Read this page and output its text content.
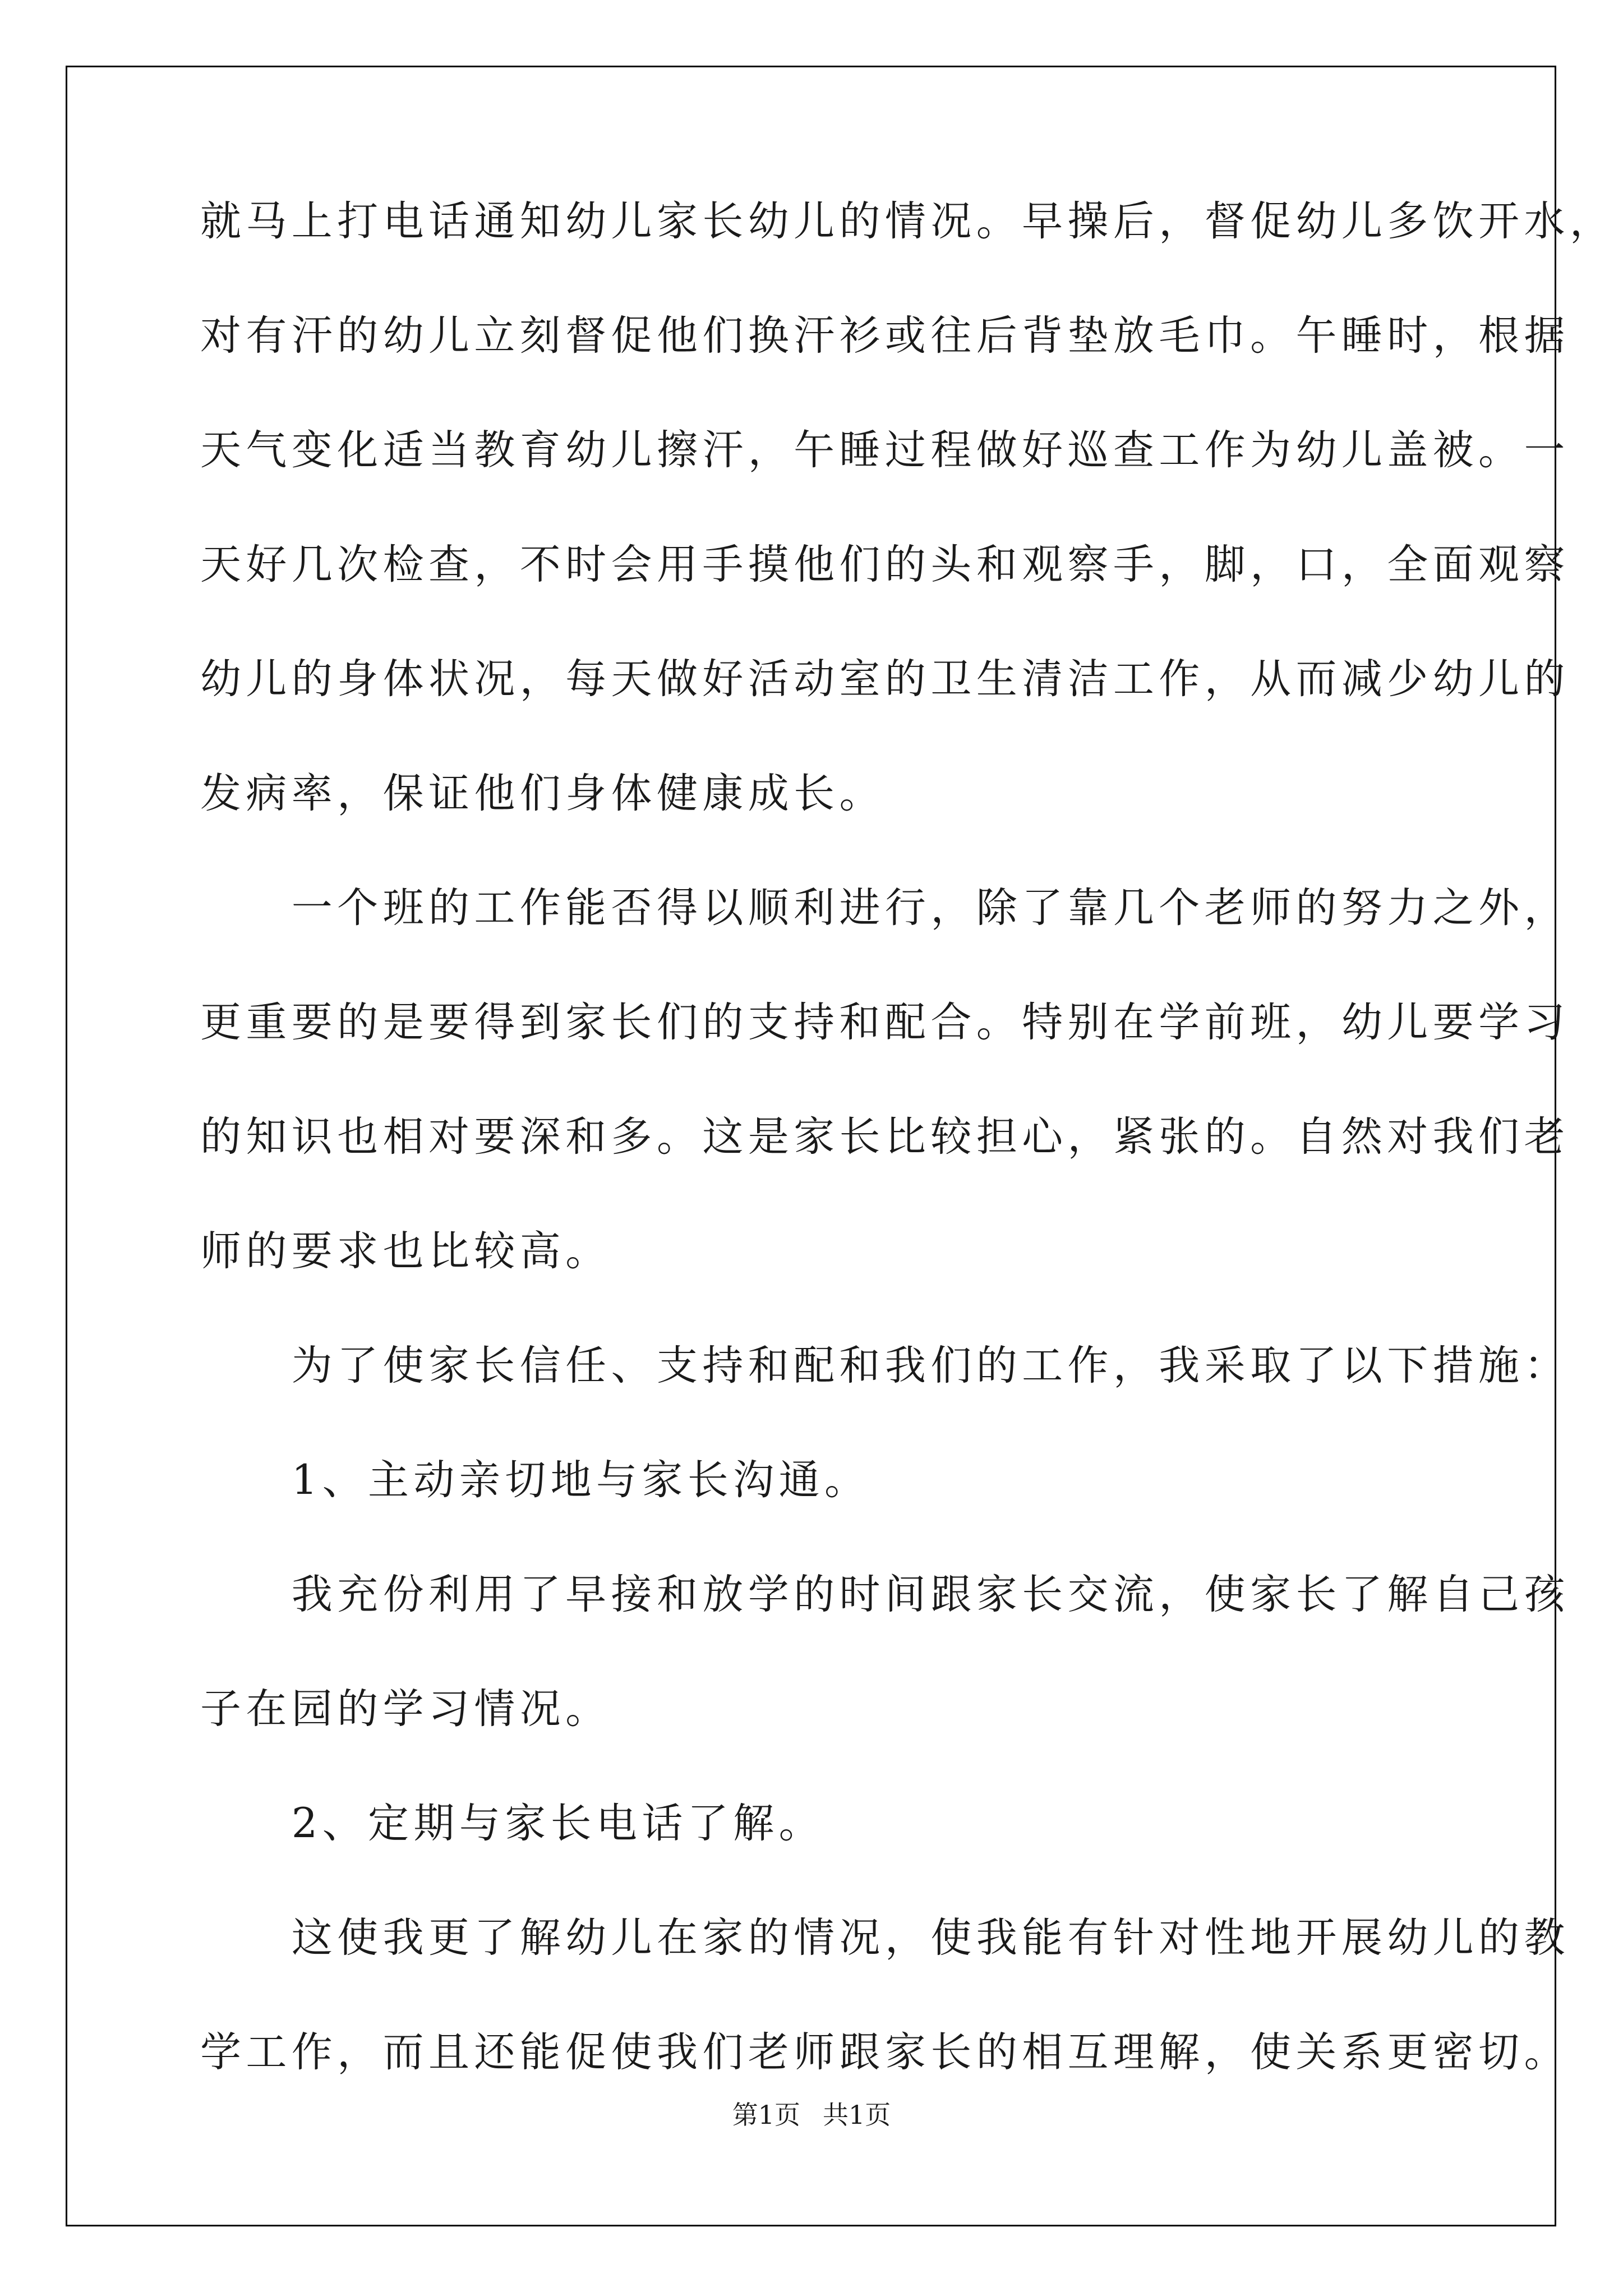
就马上打电话通知幼儿家长幼儿的情况。早操后，督促幼儿多饮开水，
对有汗的幼儿立刻督促他们换汗衫或往后背垫放毛巾。午睡时，根据
天气变化适当教育幼儿擦汗，午睡过程做好巡查工作为幼儿盖被。一
天好几次检查，不时会用手摸他们的头和观察手，脚，口，全面观察
幼儿的身体状况，每天做好活动室的卫生清洁工作，从而减少幼儿的
发病率，保证他们身体健康成长。
　　一个班的工作能否得以顺利进行，除了靠几个老师的努力之外，
更重要的是要得到家长们的支持和配合。特别在学前班，幼儿要学习
的知识也相对要深和多。这是家长比较担心，紧张的。自然对我们老
师的要求也比较高。
　　为了使家长信任、支持和配和我们的工作，我采取了以下措施：
　　1、主动亲切地与家长沟通。
　　我充份利用了早接和放学的时间跟家长交流，使家长了解自己孩
子在园的学习情况。
　　2、定期与家长电话了解。
　　这使我更了解幼儿在家的情况，使我能有针对性地开展幼儿的教
学工作，而且还能促使我们老师跟家长的相互理解，使关系更密切。
第1页 共1页
